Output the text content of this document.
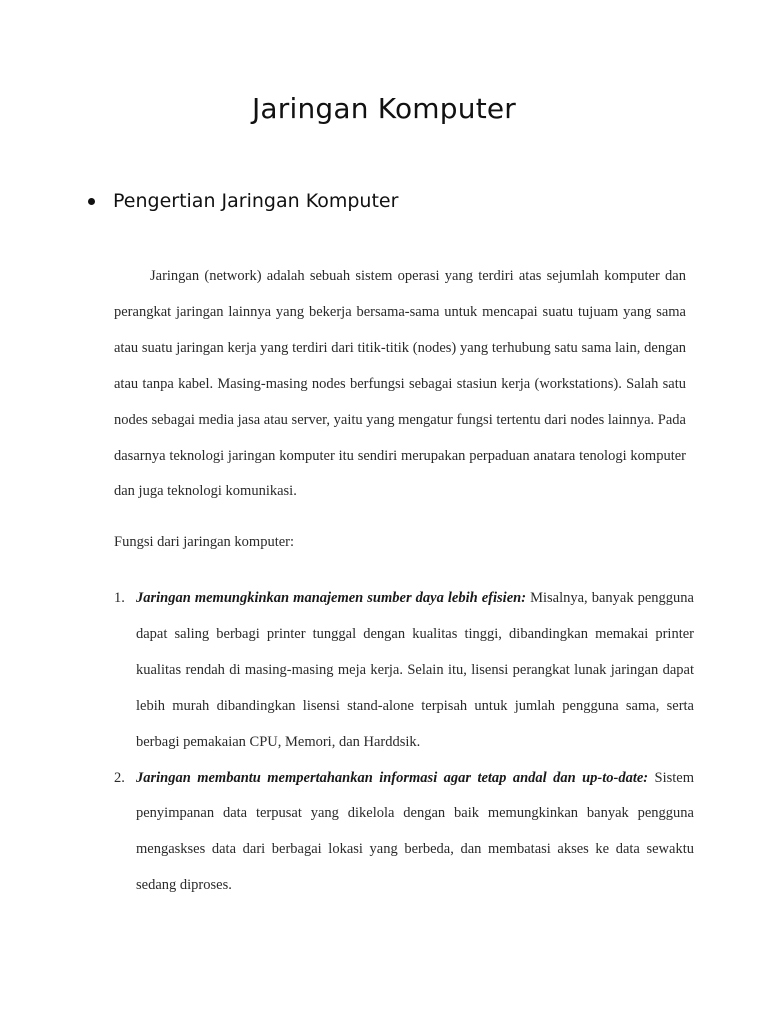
Jaringan Komputer
Pengertian Jaringan Komputer

Jaringan (network) adalah sebuah sistem operasi yang terdiri atas sejumlah komputer dan perangkat jaringan lainnya yang bekerja bersama-sama untuk mencapai suatu tujuam yang sama atau suatu jaringan kerja yang terdiri dari titik-titik (nodes) yang terhubung satu sama lain, dengan atau tanpa kabel. Masing-masing nodes berfungsi sebagai stasiun kerja (workstations). Salah satu nodes sebagai media jasa atau server, yaitu yang mengatur fungsi tertentu dari nodes lainnya. Pada dasarnya teknologi jaringan komputer itu sendiri merupakan perpaduan anatara tenologi komputer dan juga teknologi komunikasi.

Fungsi dari jaringan komputer:

1. Jaringan memungkinkan manajemen sumber daya lebih efisien: Misalnya, banyak pengguna dapat saling berbagi printer tunggal dengan kualitas tinggi, dibandingkan memakai printer kualitas rendah di masing-masing meja kerja. Selain itu, lisensi perangkat lunak jaringan dapat lebih murah dibandingkan lisensi stand-alone terpisah untuk jumlah pengguna sama, serta berbagi pemakaian CPU, Memori, dan Harddsik.
2. Jaringan membantu mempertahankan informasi agar tetap andal dan up-to-date: Sistem penyimpanan data terpusat yang dikelola dengan baik memungkinkan banyak pengguna mengaskses data dari berbagai lokasi yang berbeda, dan membatasi akses ke data sewaktu sedang diproses.
